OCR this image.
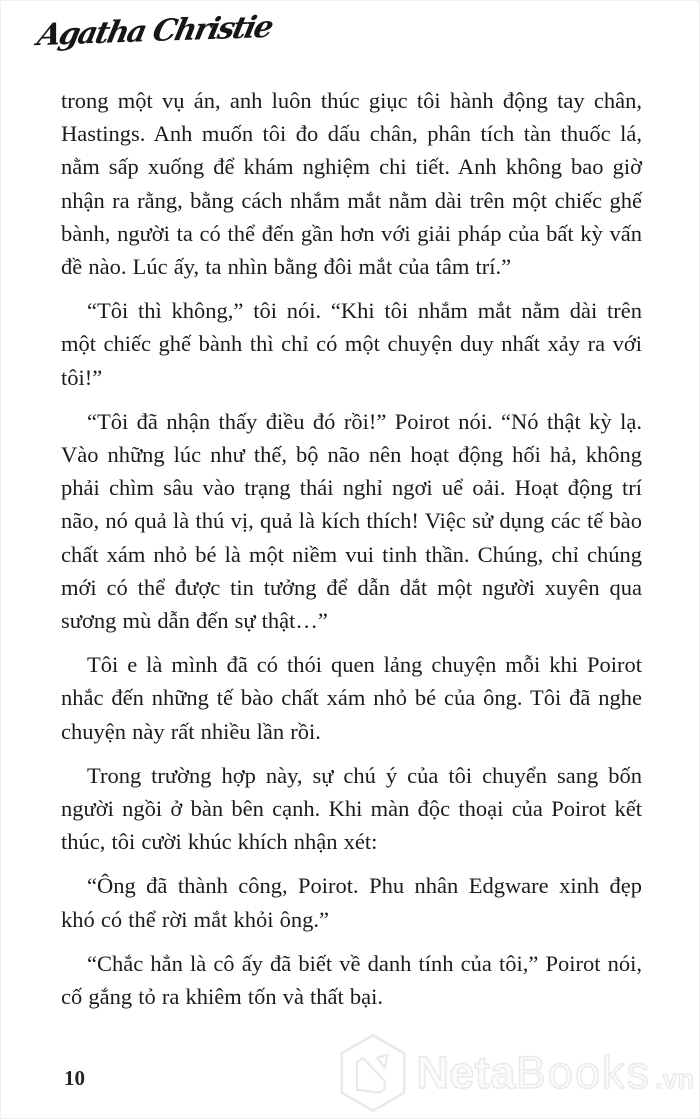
Agatha Christie

trong một vụ án, anh luôn thúc giục tôi hành động tay chân, Hastings. Anh muốn tôi đo dấu chân, phân tích tàn thuốc lá, nằm sấp xuống để khám nghiệm chi tiết. Anh không bao giờ nhận ra rằng, bằng cách nhắm mắt nằm dài trên một chiếc ghế bành, người ta có thể đến gần hơn với giải pháp của bất kỳ vấn đề nào. Lúc ấy, ta nhìn bằng đôi mắt của tâm trí.”

“Tôi thì không,” tôi nói. “Khi tôi nhắm mắt nằm dài trên một chiếc ghế bành thì chỉ có một chuyện duy nhất xảy ra với tôi!”

“Tôi đã nhận thấy điều đó rồi!” Poirot nói. “Nó thật kỳ lạ. Vào những lúc như thế, bộ não nên hoạt động hối hả, không phải chìm sâu vào trạng thái nghỉ ngơi uể oải. Hoạt động trí não, nó quả là thú vị, quả là kích thích! Việc sử dụng các tế bào chất xám nhỏ bé là một niềm vui tinh thần. Chúng, chỉ chúng mới có thể được tin tưởng để dẫn dắt một người xuyên qua sương mù dẫn đến sự thật…”

Tôi e là mình đã có thói quen lảng chuyện mỗi khi Poirot nhắc đến những tế bào chất xám nhỏ bé của ông. Tôi đã nghe chuyện này rất nhiều lần rồi.

Trong trường hợp này, sự chú ý của tôi chuyển sang bốn người ngồi ở bàn bên cạnh. Khi màn độc thoại của Poirot kết thúc, tôi cười khúc khích nhận xét:

“Ông đã thành công, Poirot. Phu nhân Edgware xinh đẹp khó có thể rời mắt khỏi ông.”

“Chắc hẳn là cô ấy đã biết về danh tính của tôi,” Poirot nói, cố gắng tỏ ra khiêm tốn và thất bại.

10	Neta Books .vn
